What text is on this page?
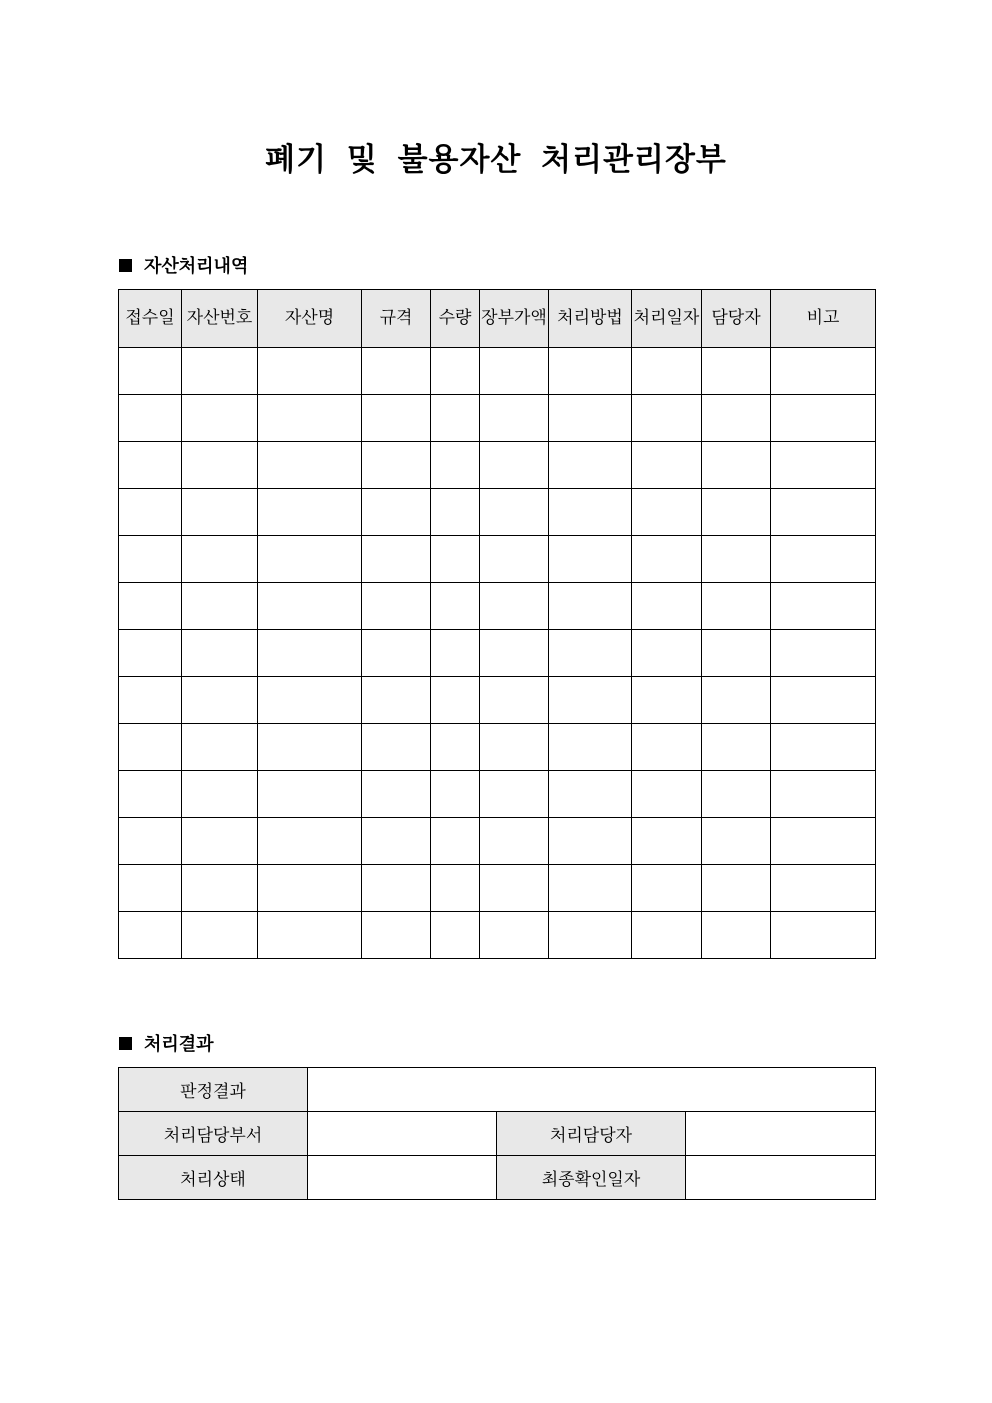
폐기 및 불용자산 처리관리장부
자산처리내역
접수일	자산번호	자산명	규격	수량	장부가액	처리방법	처리일자	담당자	비고

처리결과
판정결과			
처리담당부서		처리담당자	
처리상태		최종확인일자	
